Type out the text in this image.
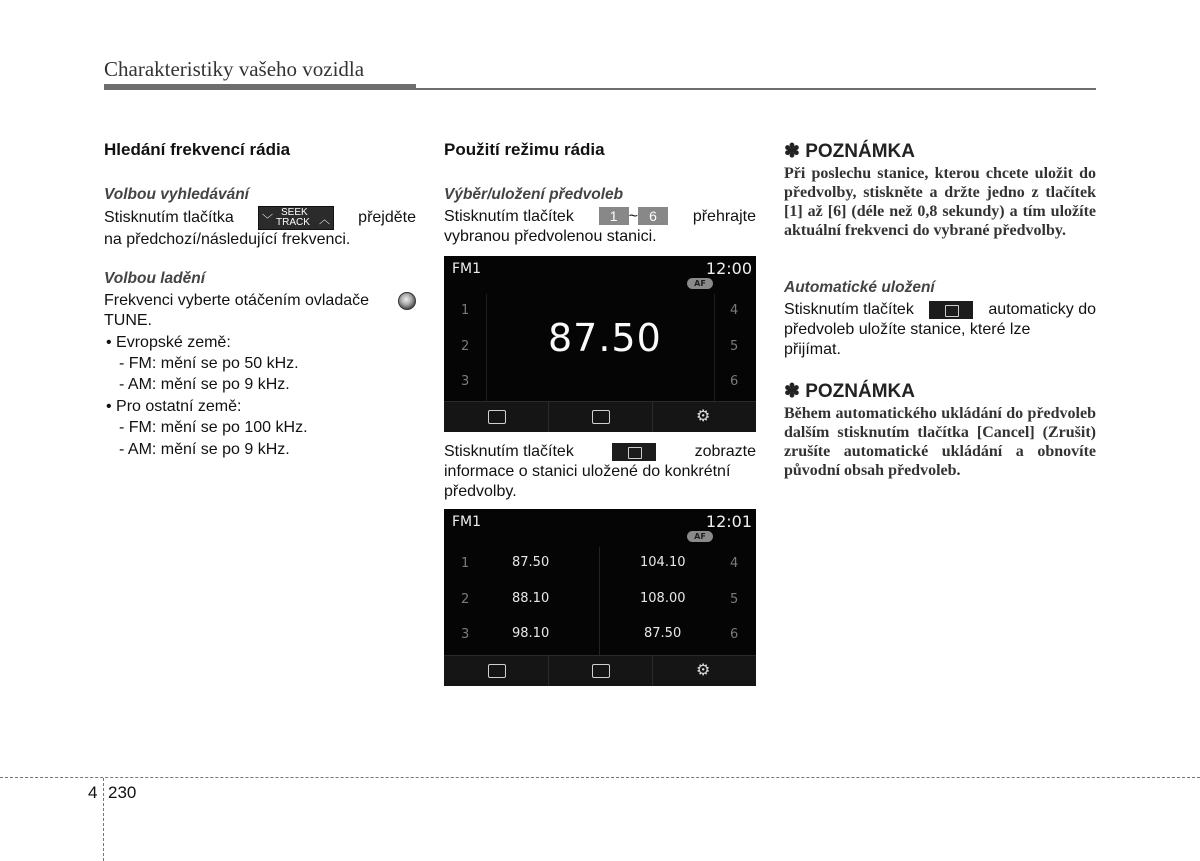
Charakteristiky vašeho vozidla
Hledání frekvencí rádia
Volbou vyhledávání
Stisknutím tlačítka	﹀
SEEK
TRACK ︿ přejděte
na předchozí/následující frekvenci.
Volbou ladění
Frekvenci vyberte otáčením ovladače
TUNE.
• Evropské země:
- FM: mění se po 50 kHz.
- AM: mění se po 9 kHz.
• Pro ostatní země:
- FM: mění se po 100 kHz.
- AM: mění se po 9 kHz.
Použití režimu rádia
Výběr/uložení předvoleb
Stisknutím tlačítek	1 ~ 6	přehrajte
vybranou předvolenou stanici.
FM1	12:00
AF
1
2
3
4
5
6
87.50
⚙
Stisknutím tlačítek	zobrazte
informace o stanici uložené do konkrétní
předvolby.
FM1	12:01
AF
1	87.50	104.10	4
2	88.10	108.00	5
3	98.10	87.50	6
⚙
✽ POZNÁMKA
Při poslechu stanice, kterou chcete uložit do předvolby, stiskněte a držte jedno z tlačítek [1] až [6] (déle než 0,8 sekundy) a tím uložíte aktuální frekvenci do vybrané předvolby.
Automatické uložení
Stisknutím tlačítek	automaticky do
předvoleb uložíte stanice, které lze
přijímat.
✽ POZNÁMKA
Během automatického ukládání do předvoleb dalším stisknutím tlačítka [Cancel] (Zrušit) zrušíte automatické ukládání a obnovíte původní obsah předvoleb.
4 230
